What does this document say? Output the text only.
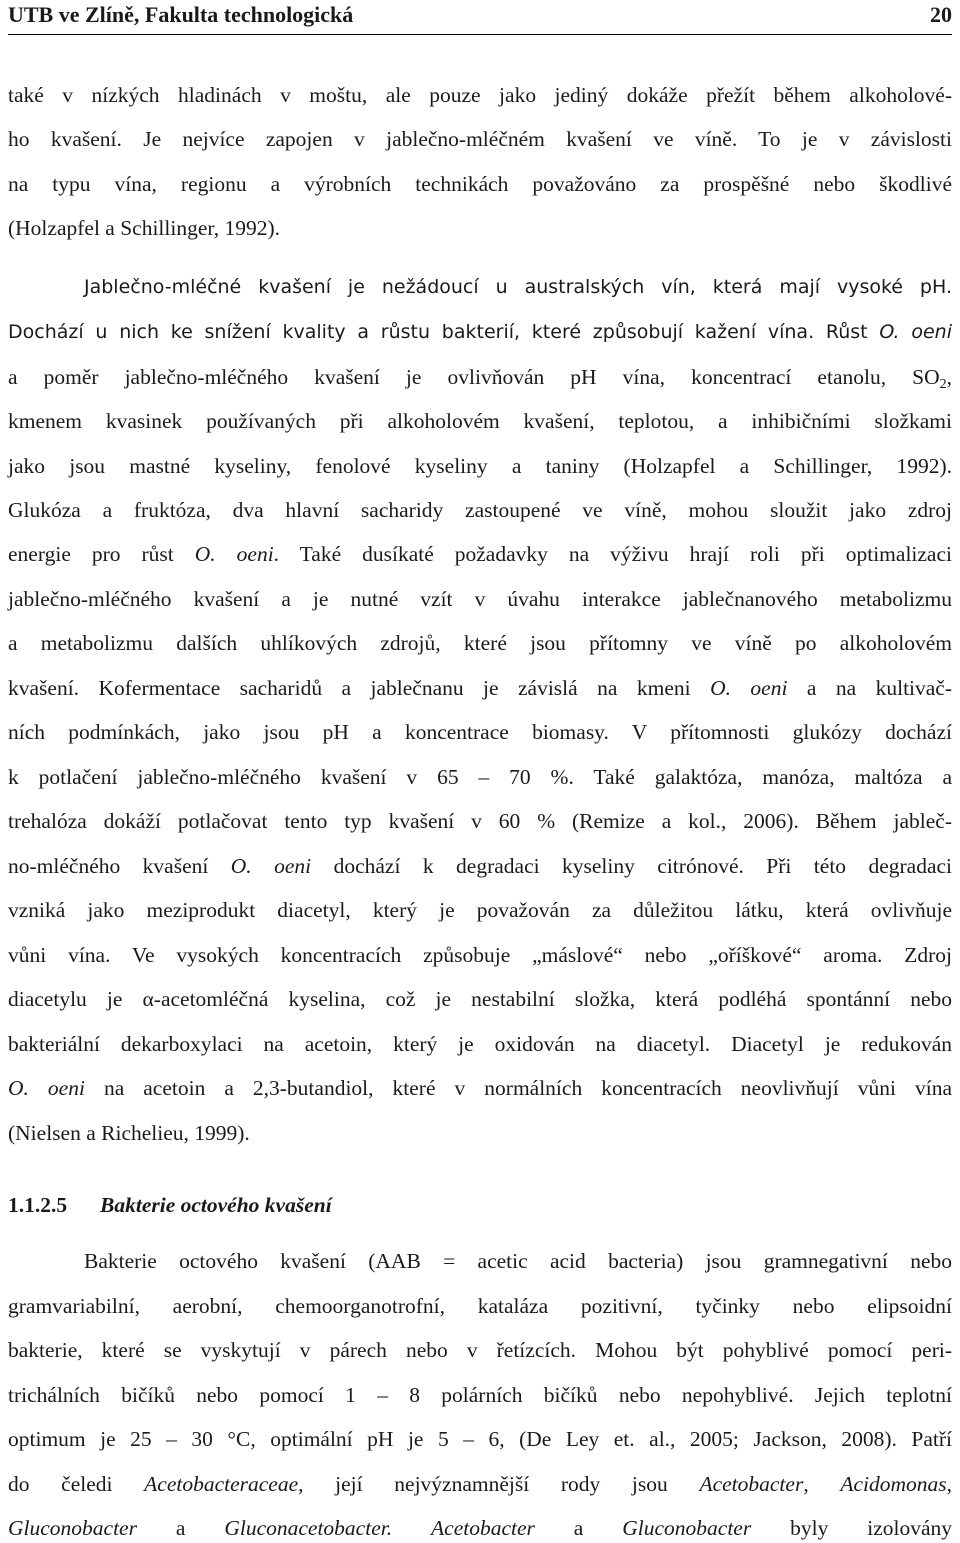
UTB ve Zlíně, Fakulta technologická	20

také v nízkých hladinách v moštu, ale pouze jako jediný dokáže přežít během alkoholové-

ho kvašení. Je nejvíce zapojen v jablečno-mléčném kvašení ve víně. To je v závislosti

na typu vína, regionu a výrobních technikách považováno za prospěšné nebo škodlivé

(Holzapfel a Schillinger, 1992).

Jablečno-mléčné kvašení je nežádoucí u australských vín, která mají vysoké pH.

Dochází u nich ke snížení kvality a růstu bakterií, které způsobují kažení vína. Růst O. oeni

a poměr jablečno-mléčného kvašení je ovlivňován pH vína, koncentrací etanolu, $SO_2$,

kmenem kvasinek používaných při alkoholovém kvašení, teplotou, a inhibičními složkami

jako jsou mastné kyseliny, fenolové kyseliny a taniny (Holzapfel a Schillinger, 1992).

Glukóza a fruktóza, dva hlavní sacharidy zastoupené ve víně, mohou sloužit jako zdroj

energie pro růst O. oeni. Také dusíkaté požadavky na výživu hrají roli při optimalizaci

jablečno-mléčného kvašení a je nutné vzít v úvahu interakce jablečnanového metabolizmu

a metabolizmu dalších uhlíkových zdrojů, které jsou přítomny ve víně po alkoholovém

kvašení. Kofermentace sacharidů a jablečnanu je závislá na kmeni O. oeni a na kultivač-

ních podmínkách, jako jsou pH a koncentrace biomasy. V přítomnosti glukózy dochází

k potlačení jablečno-mléčného kvašení v 65 – 70 %. Také galaktóza, manóza, maltóza a

trehalóza dokáží potlačovat tento typ kvašení v 60 % (Remize a kol., 2006). Během jableč-

no-mléčného kvašení O. oeni dochází k degradaci kyseliny citrónové. Při této degradaci

vzniká jako meziprodukt diacetyl, který je považován za důležitou látku, která ovlivňuje

vůni vína. Ve vysokých koncentracích způsobuje „máslové“ nebo „oříškové“ aroma. Zdroj

diacetylu je α-acetomléčná kyselina, což je nestabilní složka, která podléhá spontánní nebo

bakteriální dekarboxylaci na acetoin, který je oxidován na diacetyl. Diacetyl je redukován

O. oeni na acetoin a 2,3-butandiol, které v normálních koncentracích neovlivňují vůni vína

(Nielsen a Richelieu, 1999).

1.1.2.5 Bakterie octového kvašení

Bakterie octového kvašení (AAB = acetic acid bacteria) jsou gramnegativní nebo

gramvariabilní, aerobní, chemoorganotrofní, kataláza pozitivní, tyčinky nebo elipsoidní

bakterie, které se vyskytují v párech nebo v řetízcích. Mohou být pohyblivé pomocí peri-

trichálních bičíků nebo pomocí 1 – 8 polárních bičíků nebo nepohyblivé. Jejich teplotní

optimum je 25 – 30 °C, optimální pH je 5 – 6, (De Ley et. al., 2005; Jackson, 2008). Patří

do čeledi Acetobacteraceae, její nejvýznamnější rody jsou Acetobacter, Acidomonas,

Gluconobacter a Gluconacetobacter. Acetobacter a Gluconobacter byly izolovány
